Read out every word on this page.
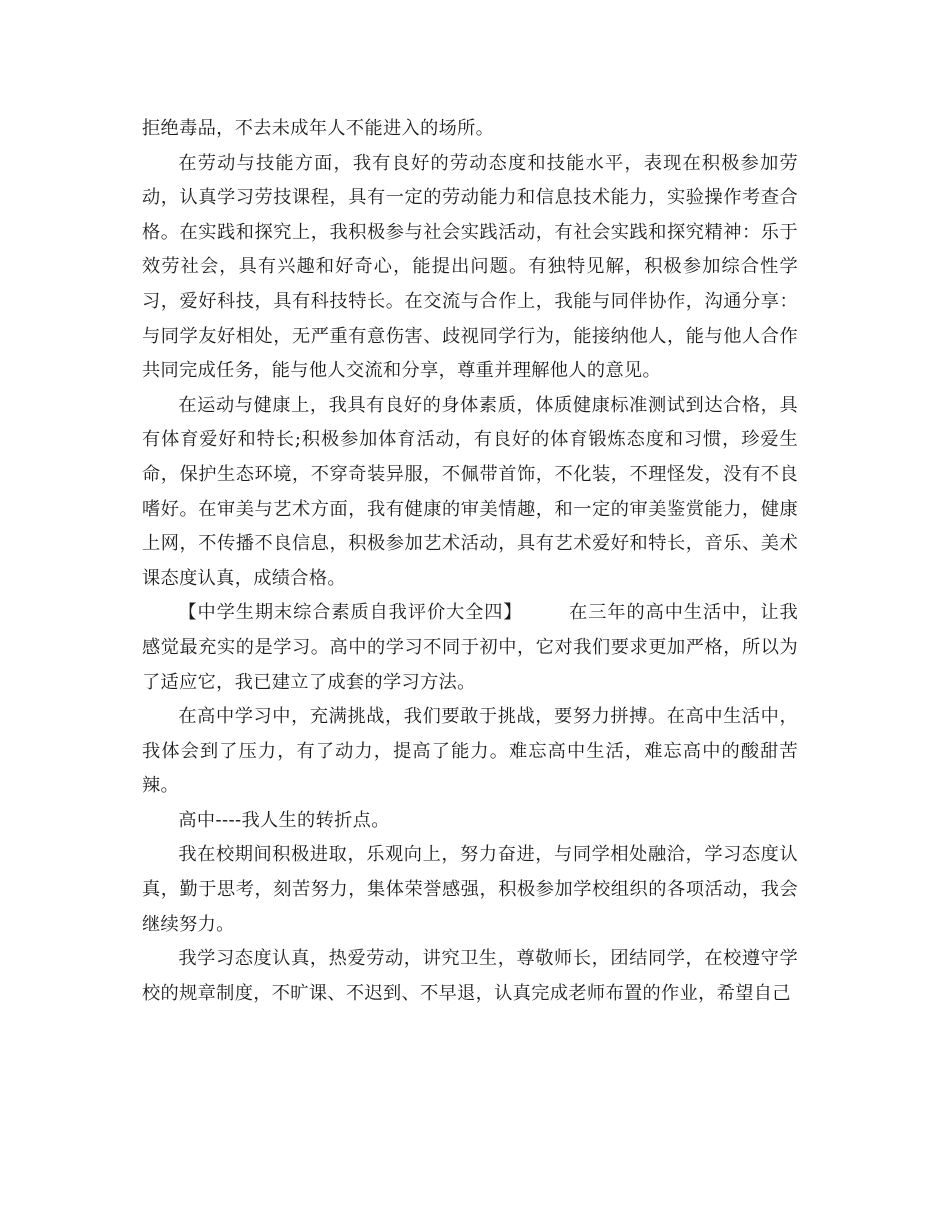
拒绝毒品，不去未成年人不能进入的场所。

在劳动与技能方面，我有良好的劳动态度和技能水平，表现在积极参加劳动，认真学习劳技课程，具有一定的劳动能力和信息技术能力，实验操作考查合格。在实践和探究上，我积极参与社会实践活动，有社会实践和探究精神：乐于效劳社会，具有兴趣和好奇心，能提出问题。有独特见解，积极参加综合性学习，爱好科技，具有科技特长。在交流与合作上，我能与同伴协作，沟通分享：与同学友好相处，无严重有意伤害、歧视同学行为，能接纳他人，能与他人合作共同完成任务，能与他人交流和分享，尊重并理解他人的意见。

在运动与健康上，我具有良好的身体素质，体质健康标准测试到达合格，具有体育爱好和特长;积极参加体育活动，有良好的体育锻炼态度和习惯，珍爱生命，保护生态环境，不穿奇装异服，不佩带首饰，不化装，不理怪发，没有不良嗜好。在审美与艺术方面，我有健康的审美情趣，和一定的审美鉴赏能力，健康上网，不传播不良信息，积极参加艺术活动，具有艺术爱好和特长，音乐、美术课态度认真，成绩合格。

【中学生期末综合素质自我评价大全四】	在三年的高中生活中，让我感觉最充实的是学习。高中的学习不同于初中，它对我们要求更加严格，所以为了适应它，我已建立了成套的学习方法。

在高中学习中，充满挑战，我们要敢于挑战，要努力拼搏。在高中生活中，我体会到了压力，有了动力，提高了能力。难忘高中生活，难忘高中的酸甜苦辣。

高中----我人生的转折点。

我在校期间积极进取，乐观向上，努力奋进，与同学相处融洽，学习态度认真，勤于思考，刻苦努力，集体荣誉感强，积极参加学校组织的各项活动，我会继续努力。

我学习态度认真，热爱劳动，讲究卫生，尊敬师长，团结同学，在校遵守学校的规章制度，不旷课、不迟到、不早退，认真完成老师布置的作业，希望自己
